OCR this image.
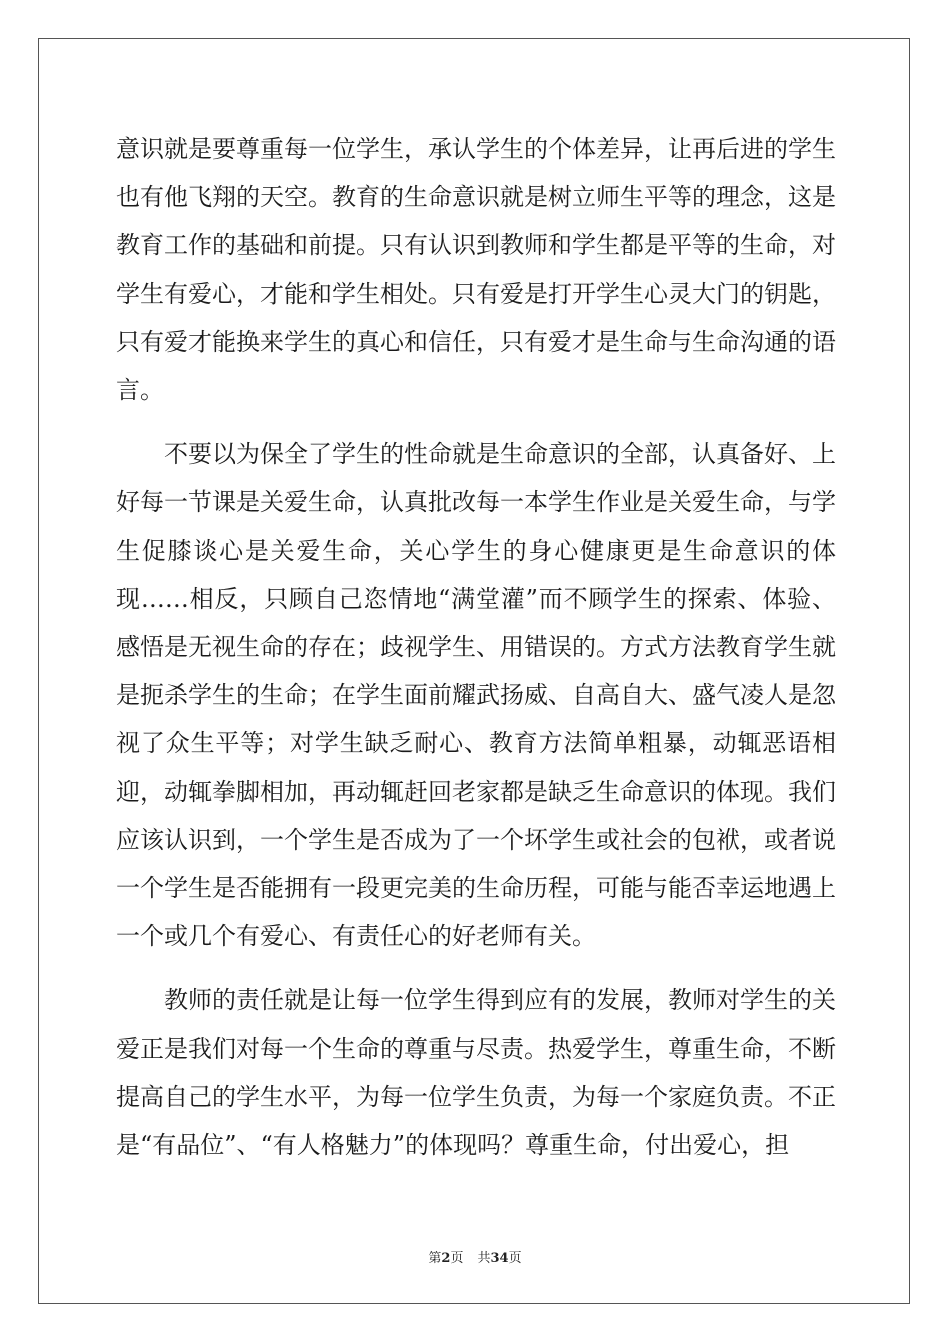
意识就是要尊重每一位学生，承认学生的个体差异，让再后进的学生也有他飞翔的天空。教育的生命意识就是树立师生平等的理念，这是教育工作的基础和前提。只有认识到教师和学生都是平等的生命，对学生有爱心，才能和学生相处。只有爱是打开学生心灵大门的钥匙，只有爱才能换来学生的真心和信任，只有爱才是生命与生命沟通的语言。

不要以为保全了学生的性命就是生命意识的全部，认真备好、上好每一节课是关爱生命，认真批改每一本学生作业是关爱生命，与学生促膝谈心是关爱生命，关心学生的身心健康更是生命意识的体现……相反，只顾自己恣情地“满堂灌”而不顾学生的探索、体验、感悟是无视生命的存在；歧视学生、用错误的。方式方法教育学生就是扼杀学生的生命；在学生面前耀武扬威、自高自大、盛气凌人是忽视了众生平等；对学生缺乏耐心、教育方法简单粗暴，动辄恶语相迎，动辄拳脚相加，再动辄赶回老家都是缺乏生命意识的体现。我们应该认识到，一个学生是否成为了一个坏学生或社会的包袱，或者说一个学生是否能拥有一段更完美的生命历程，可能与能否幸运地遇上一个或几个有爱心、有责任心的好老师有关。

教师的责任就是让每一位学生得到应有的发展，教师对学生的关爱正是我们对每一个生命的尊重与尽责。热爱学生，尊重生命，不断提高自己的学生水平，为每一位学生负责，为每一个家庭负责。不正是“有品位”、“有人格魅力”的体现吗？尊重生命，付出爱心，担

第2页 共34页
